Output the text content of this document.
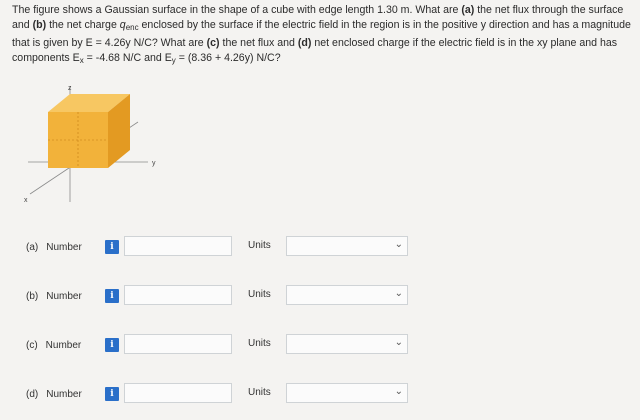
The figure shows a Gaussian surface in the shape of a cube with edge length 1.30 m. What are (a) the net flux through the surface and (b) the net charge $q_{enc}$ enclosed by the surface if the electric field in the region is in the positive y direction and has a magnitude that is given by E = 4.26y N/C? What are (c) the net flux and (d) net enclosed charge if the electric field is in the xy plane and has components $E_x = -4.68$ N/C and $E_y = (8.36 + 4.26y)$ N/C?
z
y
x
(a) Number	i	Units	⌄
(b) Number	i	Units	⌄
(c) Number	i	Units	⌄
(d) Number	i	Units	⌄
